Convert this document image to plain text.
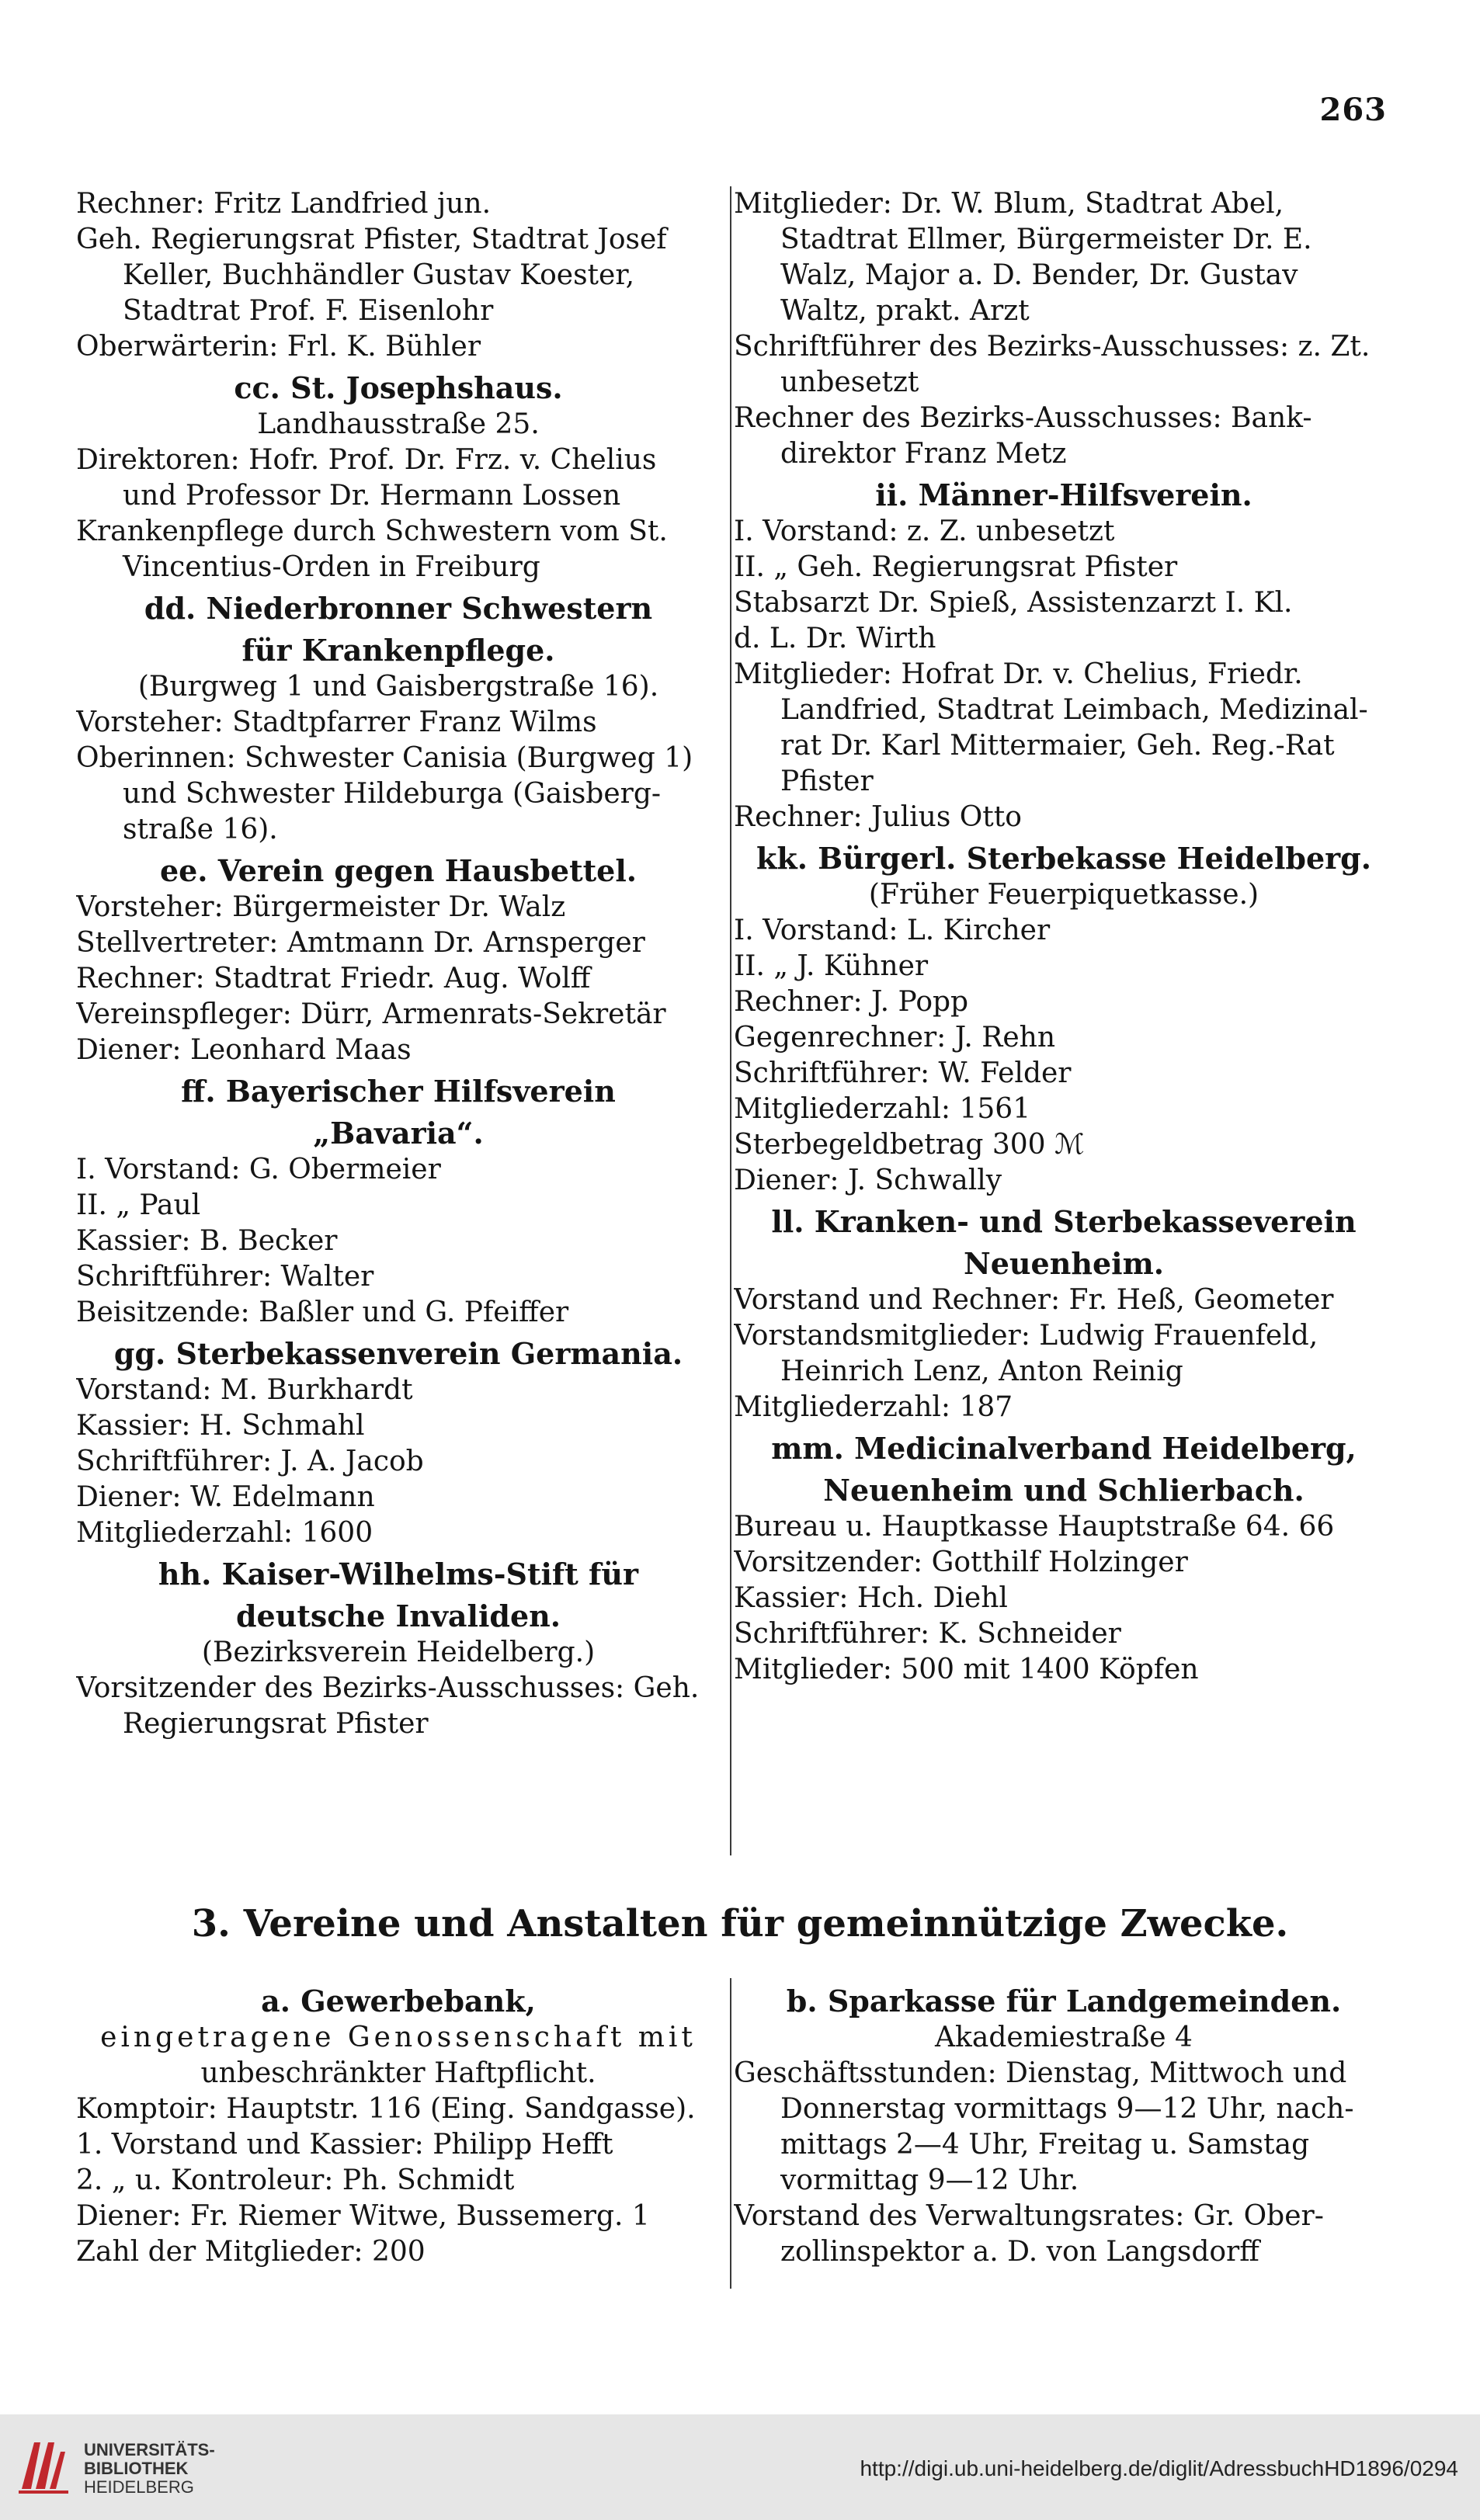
263
Rechner: Fritz Landfried jun.
Geh. Regierungsrat Pfister, Stadtrat Josef
Keller, Buchhändler Gustav Koester,
Stadtrat Prof. F. Eisenlohr
Oberwärterin: Frl. K. Bühler
cc. St. Josephshaus.
Landhausstraße 25.
Direktoren: Hofr. Prof. Dr. Frz. v. Chelius
und Professor Dr. Hermann Lossen
Krankenpflege durch Schwestern vom St.
Vincentius-Orden in Freiburg
dd. Niederbronner Schwestern
für Krankenpflege.
(Burgweg 1 und Gaisbergstraße 16).
Vorsteher: Stadtpfarrer Franz Wilms
Oberinnen: Schwester Canisia (Burgweg 1)
und Schwester Hildeburga (Gaisberg-
straße 16).
ee. Verein gegen Hausbettel.
Vorsteher: Bürgermeister Dr. Walz
Stellvertreter: Amtmann Dr. Arnsperger
Rechner: Stadtrat Friedr. Aug. Wolff
Vereinspfleger: Dürr, Armenrats-Sekretär
Diener: Leonhard Maas
ff. Bayerischer Hilfsverein
„Bavaria“.
I. Vorstand: G. Obermeier
II. „ Paul
Kassier: B. Becker
Schriftführer: Walter
Beisitzende: Baßler und G. Pfeiffer
gg. Sterbekassenverein Germania.
Vorstand: M. Burkhardt
Kassier: H. Schmahl
Schriftführer: J. A. Jacob
Diener: W. Edelmann
Mitgliederzahl: 1600
hh. Kaiser-Wilhelms-Stift für
deutsche Invaliden.
(Bezirksverein Heidelberg.)
Vorsitzender des Bezirks-Ausschusses: Geh.
Regierungsrat Pfister
Mitglieder: Dr. W. Blum, Stadtrat Abel,
Stadtrat Ellmer, Bürgermeister Dr. E.
Walz, Major a. D. Bender, Dr. Gustav
Waltz, prakt. Arzt
Schriftführer des Bezirks-Ausschusses: z. Zt.
unbesetzt
Rechner des Bezirks-Ausschusses: Bank-
direktor Franz Metz
ii. Männer-Hilfsverein.
I. Vorstand: z. Z. unbesetzt
II. „ Geh. Regierungsrat Pfister
Stabsarzt Dr. Spieß, Assistenzarzt I. Kl.
d. L. Dr. Wirth
Mitglieder: Hofrat Dr. v. Chelius, Friedr.
Landfried, Stadtrat Leimbach, Medizinal-
rat Dr. Karl Mittermaier, Geh. Reg.-Rat
Pfister
Rechner: Julius Otto
kk. Bürgerl. Sterbekasse Heidelberg.
(Früher Feuerpiquetkasse.)
I. Vorstand: L. Kircher
II. „ J. Kühner
Rechner: J. Popp
Gegenrechner: J. Rehn
Schriftführer: W. Felder
Mitgliederzahl: 1561
Sterbegeldbetrag 300 ℳ
Diener: J. Schwally
ll. Kranken- und Sterbekasseverein
Neuenheim.
Vorstand und Rechner: Fr. Heß, Geometer
Vorstandsmitglieder: Ludwig Frauenfeld,
Heinrich Lenz, Anton Reinig
Mitgliederzahl: 187
mm. Medicinalverband Heidelberg,
Neuenheim und Schlierbach.
Bureau u. Hauptkasse Hauptstraße 64. 66
Vorsitzender: Gotthilf Holzinger
Kassier: Hch. Diehl
Schriftführer: K. Schneider
Mitglieder: 500 mit 1400 Köpfen
3. Vereine und Anstalten für gemeinnützige Zwecke.
a. Gewerbebank,
eingetragene Genossenschaft mit
unbeschränkter Haftpflicht.
Komptoir: Hauptstr. 116 (Eing. Sandgasse).
1. Vorstand und Kassier: Philipp Hefft
2. „ u. Kontroleur: Ph. Schmidt
Diener: Fr. Riemer Witwe, Bussemerg. 1
Zahl der Mitglieder: 200
b. Sparkasse für Landgemeinden.
Akademiestraße 4
Geschäftsstunden: Dienstag, Mittwoch und
Donnerstag vormittags 9—12 Uhr, nach-
mittags 2—4 Uhr, Freitag u. Samstag
vormittag 9—12 Uhr.
Vorstand des Verwaltungsrates: Gr. Ober-
zollinspektor a. D. von Langsdorff
UNIVERSITÄTS-
BIBLIOTHEK
HEIDELBERG
http://digi.ub.uni-heidelberg.de/diglit/AdressbuchHD1896/0294
